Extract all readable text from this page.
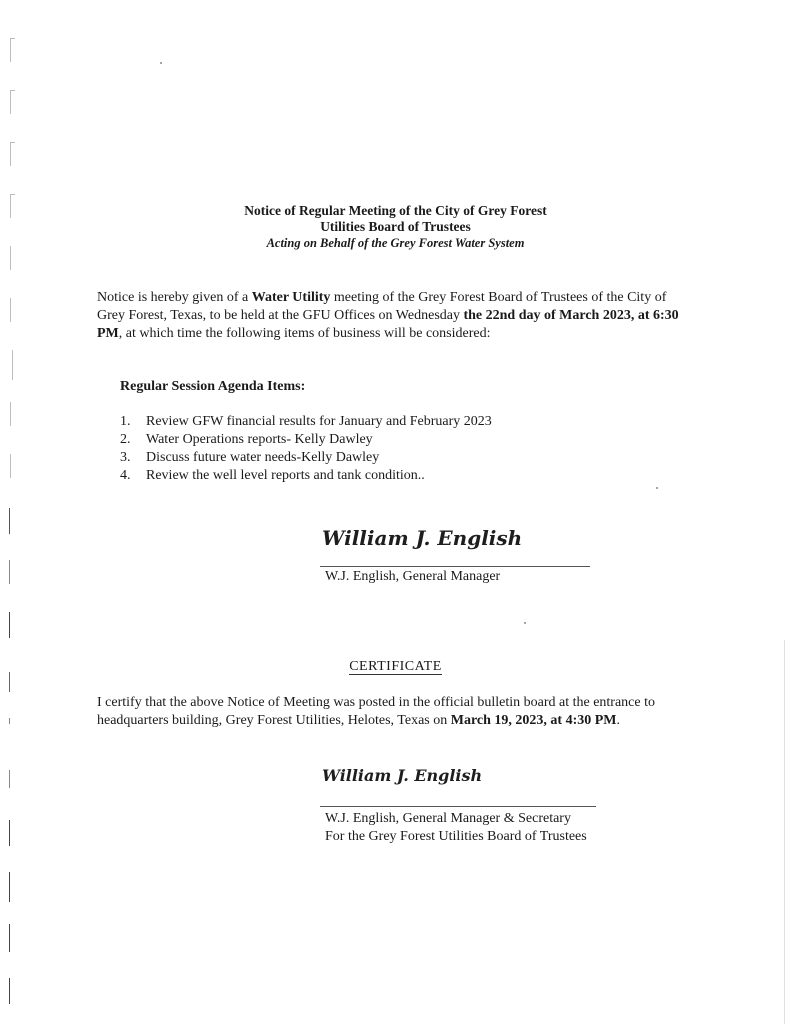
Notice of Regular Meeting of the City of Grey Forest
Utilities Board of Trustees
Acting on Behalf of the Grey Forest Water System
Notice is hereby given of a Water Utility meeting of the Grey Forest Board of Trustees of the City of Grey Forest, Texas, to be held at the GFU Offices on Wednesday the 22nd day of March 2023, at 6:30 PM, at which time the following items of business will be considered:
Regular Session Agenda Items:
1.	Review GFW financial results for January and February 2023
2.	Water Operations reports- Kelly Dawley
3.	Discuss future water needs-Kelly Dawley
4.	Review the well level reports and tank condition..
William J. English
W.J. English, General Manager
CERTIFICATE
I certify that the above Notice of Meeting was posted in the official bulletin board at the entrance to headquarters building, Grey Forest Utilities, Helotes, Texas on March 19, 2023, at 4:30 PM.
William J. English
W.J. English, General Manager & Secretary
For the Grey Forest Utilities Board of Trustees
